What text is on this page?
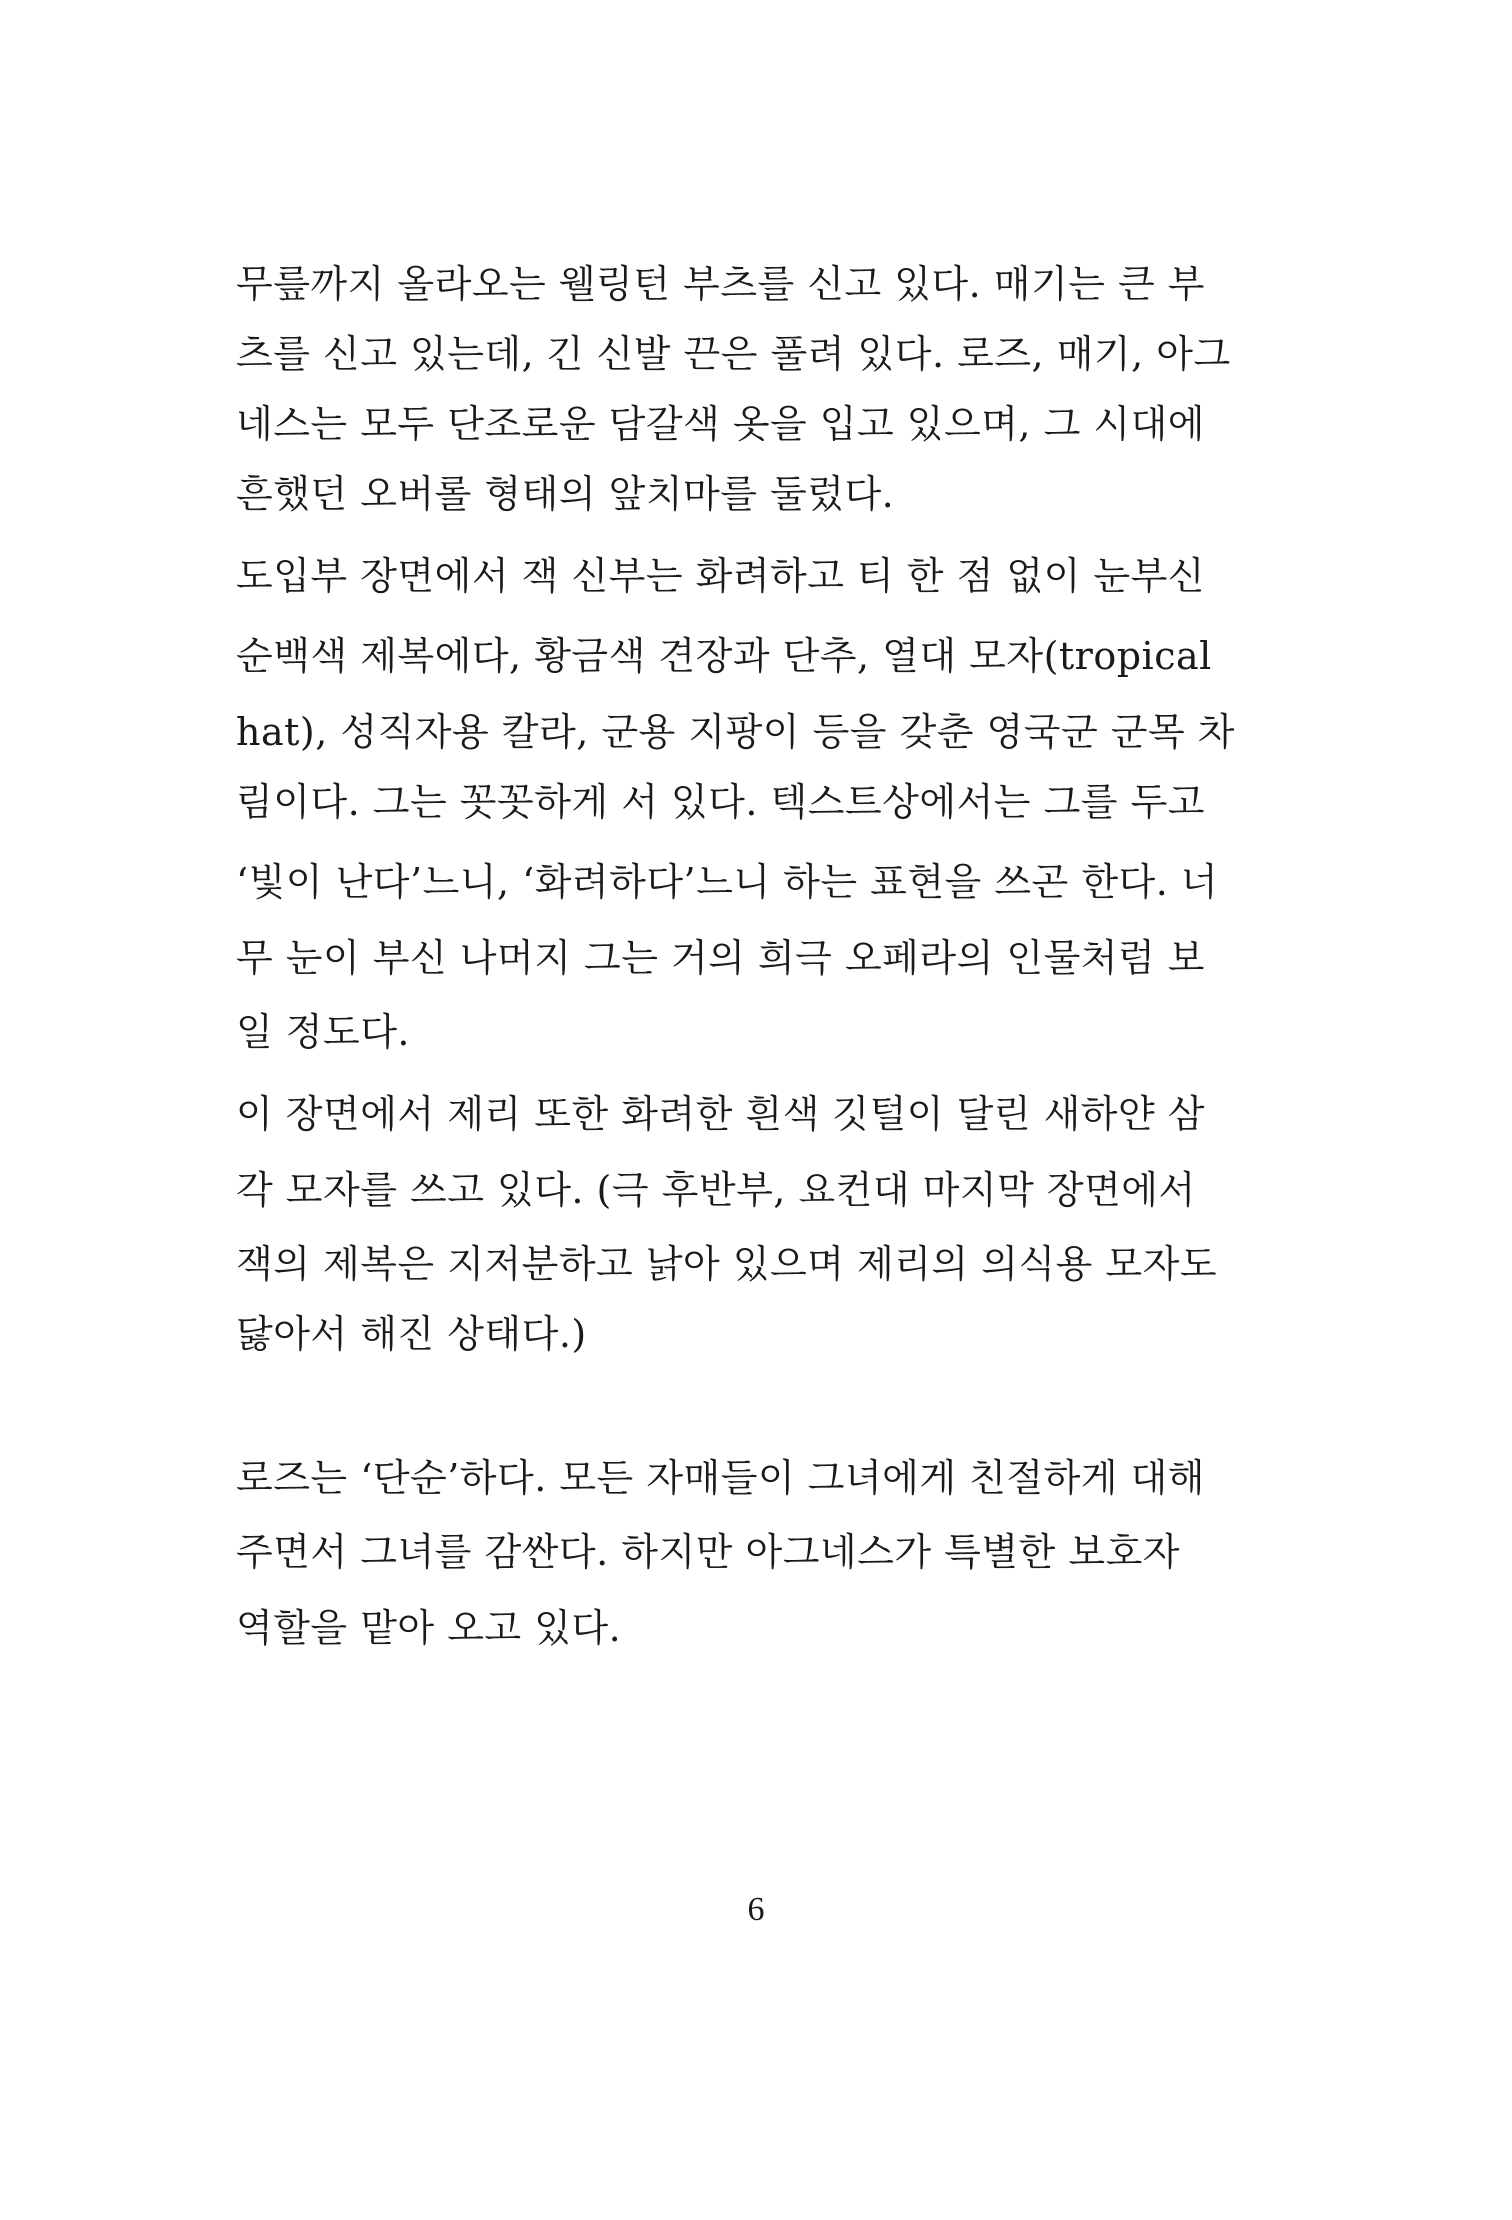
무릎까지 올라오는 웰링턴 부츠를 신고 있다. 매기는 큰 부
츠를 신고 있는데, 긴 신발 끈은 풀려 있다. 로즈, 매기, 아그
네스는 모두 단조로운 담갈색 옷을 입고 있으며, 그 시대에
흔했던 오버롤 형태의 앞치마를 둘렀다.
도입부 장면에서 잭 신부는 화려하고 티 한 점 없이 눈부신
순백색 제복에다, 황금색 견장과 단추, 열대 모자(tropical
hat), 성직자용 칼라, 군용 지팡이 등을 갖춘 영국군 군목 차
림이다. 그는 꼿꼿하게 서 있다. 텍스트상에서는 그를 두고
‘빛이 난다’느니, ‘화려하다’느니 하는 표현을 쓰곤 한다. 너
무 눈이 부신 나머지 그는 거의 희극 오페라의 인물처럼 보
일 정도다.
이 장면에서 제리 또한 화려한 흰색 깃털이 달린 새하얀 삼
각 모자를 쓰고 있다. (극 후반부, 요컨대 마지막 장면에서
잭의 제복은 지저분하고 낡아 있으며 제리의 의식용 모자도
닳아서 해진 상태다.)
로즈는 ‘단순’하다. 모든 자매들이 그녀에게 친절하게 대해
주면서 그녀를 감싼다. 하지만 아그네스가 특별한 보호자
역할을 맡아 오고 있다.
6
